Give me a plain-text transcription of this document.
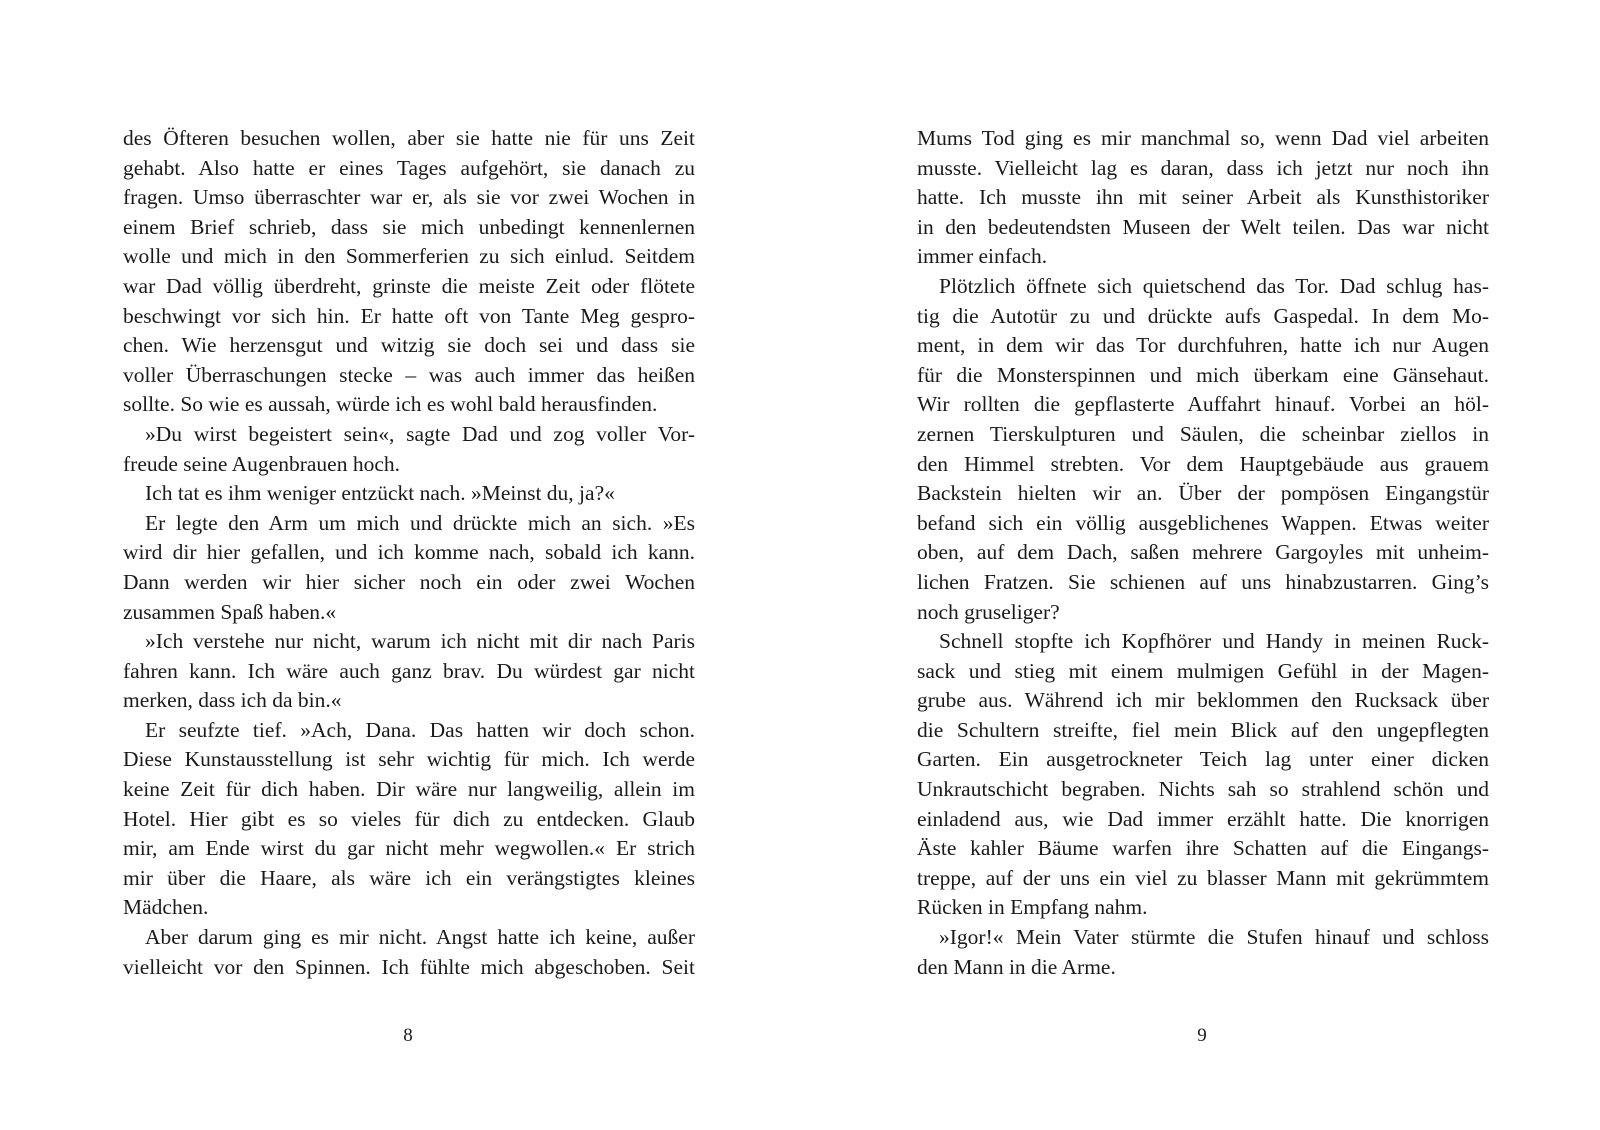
des Öfteren besuchen wollen, aber sie hatte nie für uns Zeit
gehabt. Also hatte er eines Tages aufgehört, sie danach zu
fragen. Umso überraschter war er, als sie vor zwei Wochen in
einem Brief schrieb, dass sie mich unbedingt kennenlernen
wolle und mich in den Sommerferien zu sich einlud. Seitdem
war Dad völlig überdreht, grinste die meiste Zeit oder flötete
beschwingt vor sich hin. Er hatte oft von Tante Meg gespro-
chen. Wie herzensgut und witzig sie doch sei und dass sie
voller Überraschungen stecke – was auch immer das heißen
sollte. So wie es aussah, würde ich es wohl bald herausfinden.
»Du wirst begeistert sein«, sagte Dad und zog voller Vor-
freude seine Augenbrauen hoch.
Ich tat es ihm weniger entzückt nach. »Meinst du, ja?«
Er legte den Arm um mich und drückte mich an sich. »Es
wird dir hier gefallen, und ich komme nach, sobald ich kann.
Dann werden wir hier sicher noch ein oder zwei Wochen
zusammen Spaß haben.«
»Ich verstehe nur nicht, warum ich nicht mit dir nach Paris
fahren kann. Ich wäre auch ganz brav. Du würdest gar nicht
merken, dass ich da bin.«
Er seufzte tief. »Ach, Dana. Das hatten wir doch schon.
Diese Kunstausstellung ist sehr wichtig für mich. Ich werde
keine Zeit für dich haben. Dir wäre nur langweilig, allein im
Hotel. Hier gibt es so vieles für dich zu entdecken. Glaub
mir, am Ende wirst du gar nicht mehr wegwollen.« Er strich
mir über die Haare, als wäre ich ein verängstigtes kleines
Mädchen.
Aber darum ging es mir nicht. Angst hatte ich keine, außer
vielleicht vor den Spinnen. Ich fühlte mich abgeschoben. Seit
8
Mums Tod ging es mir manchmal so, wenn Dad viel arbeiten
musste. Vielleicht lag es daran, dass ich jetzt nur noch ihn
hatte. Ich musste ihn mit seiner Arbeit als Kunsthistoriker
in den bedeutendsten Museen der Welt teilen. Das war nicht
immer einfach.
Plötzlich öffnete sich quietschend das Tor. Dad schlug has-
tig die Autotür zu und drückte aufs Gaspedal. In dem Mo-
ment, in dem wir das Tor durchfuhren, hatte ich nur Augen
für die Monsterspinnen und mich überkam eine Gänsehaut.
Wir rollten die gepflasterte Auffahrt hinauf. Vorbei an höl-
zernen Tierskulpturen und Säulen, die scheinbar ziellos in
den Himmel strebten. Vor dem Hauptgebäude aus grauem
Backstein hielten wir an. Über der pompösen Eingangstür
befand sich ein völlig ausgeblichenes Wappen. Etwas weiter
oben, auf dem Dach, saßen mehrere Gargoyles mit unheim-
lichen Fratzen. Sie schienen auf uns hinabzustarren. Ging’s
noch gruseliger?
Schnell stopfte ich Kopfhörer und Handy in meinen Ruck-
sack und stieg mit einem mulmigen Gefühl in der Magen-
grube aus. Während ich mir beklommen den Rucksack über
die Schultern streifte, fiel mein Blick auf den ungepflegten
Garten. Ein ausgetrockneter Teich lag unter einer dicken
Unkrautschicht begraben. Nichts sah so strahlend schön und
einladend aus, wie Dad immer erzählt hatte. Die knorrigen
Äste kahler Bäume warfen ihre Schatten auf die Eingangs-
treppe, auf der uns ein viel zu blasser Mann mit gekrümmtem
Rücken in Empfang nahm.
»Igor!« Mein Vater stürmte die Stufen hinauf und schloss
den Mann in die Arme.
9
